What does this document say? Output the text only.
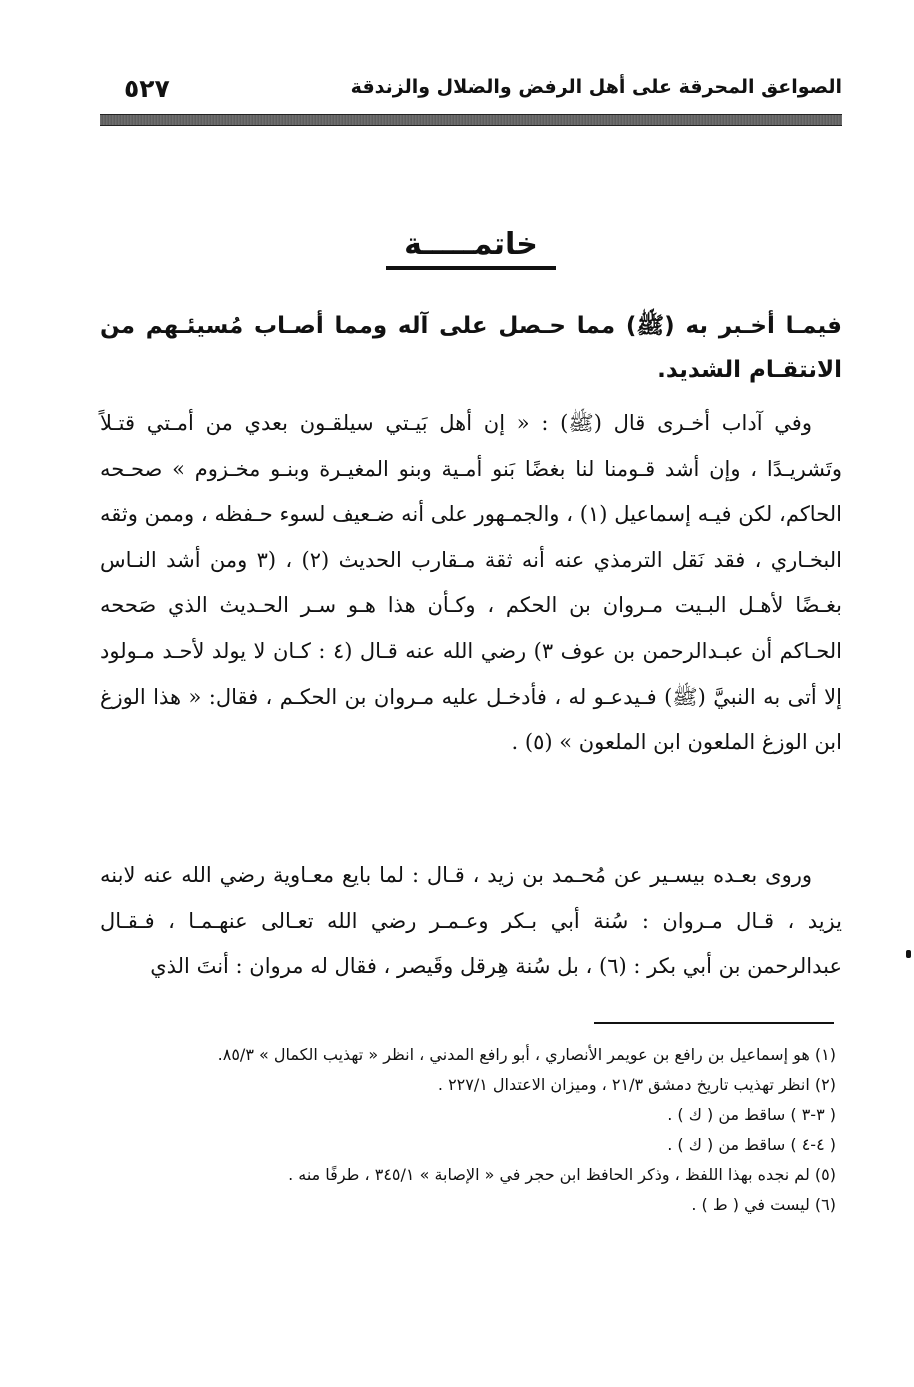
٥٢٧	الصواعق المحرقة على أهل الرفض والضلال والزندقة
خاتمـــــة
فيمـا أخـبر به (ﷺ) مما حـصل على آله ومما أصـاب مُسيئـهم من الانتقـام الشديد.
وفي آداب أخـرى قال (ﷺ) : « إن أهل بَيـتي سيلقـون بعدي من أمـتي قتـلاً وتَشريـدًا ، وإن أشد قـومنا لنا بغضًا بَنو أمـية وبنو المغيـرة وبنـو مخـزوم » صحـحه الحاكم، لكن فيـه إسماعيل (١) ، والجمـهور على أنه ضـعيف لسوء حـفظه ، وممن وثقه البخـاري ، فقد نَقل الترمذي عنه أنه ثقة مـقارب الحديث (٢) ، (٣ ومن أشد النـاس بغـضًا لأهـل البـيت مـروان بن الحكم ، وكـأن هذا هـو سـر الحـديث الذي صَححه الحـاكم أن عبـدالرحمن بن عوف ٣) رضي الله عنه قـال (٤ : كـان لا يولد لأحـد مـولود إلا أتى به النبيَّ (ﷺ) فـيدعـو له ، فأدخـل عليه مـروان بن الحكـم ، فقال: « هذا الوزغ ابن الوزغ الملعون ابن الملعون » (٥) .
وروى بعـده بيسـير عن مُحـمد بن زيد ، قـال : لما بايع معـاوية رضي الله عنه لابنه يزيد ، قـال مـروان : سُنة أبي بـكر وعـمـر رضي الله تعـالى عنهـمـا ، فـقـال عبدالرحمن بن أبي بكر : (٦) ، بل سُنة هِرقل وقَيصر ، فقال له مروان : أنتَ الذي
(١) هو إسماعيل بن رافع بن عويمر الأنصاري ، أبو رافع المدني ، انظر « تهذيب الكمال » ٨٥/٣.
(٢) انظر تهذيب تاريخ دمشق ٢١/٣ ، وميزان الاعتدال ٢٢٧/١ .
( ٣-٣ ) ساقط من ( ك ) .
( ٤-٤ ) ساقط من ( ك ) .
(٥) لم نجده بهذا اللفظ ، وذكر الحافظ ابن حجر في « الإصابة » ٣٤٥/١ ، طرفًا منه .
(٦) ليست في ( ط ) .
